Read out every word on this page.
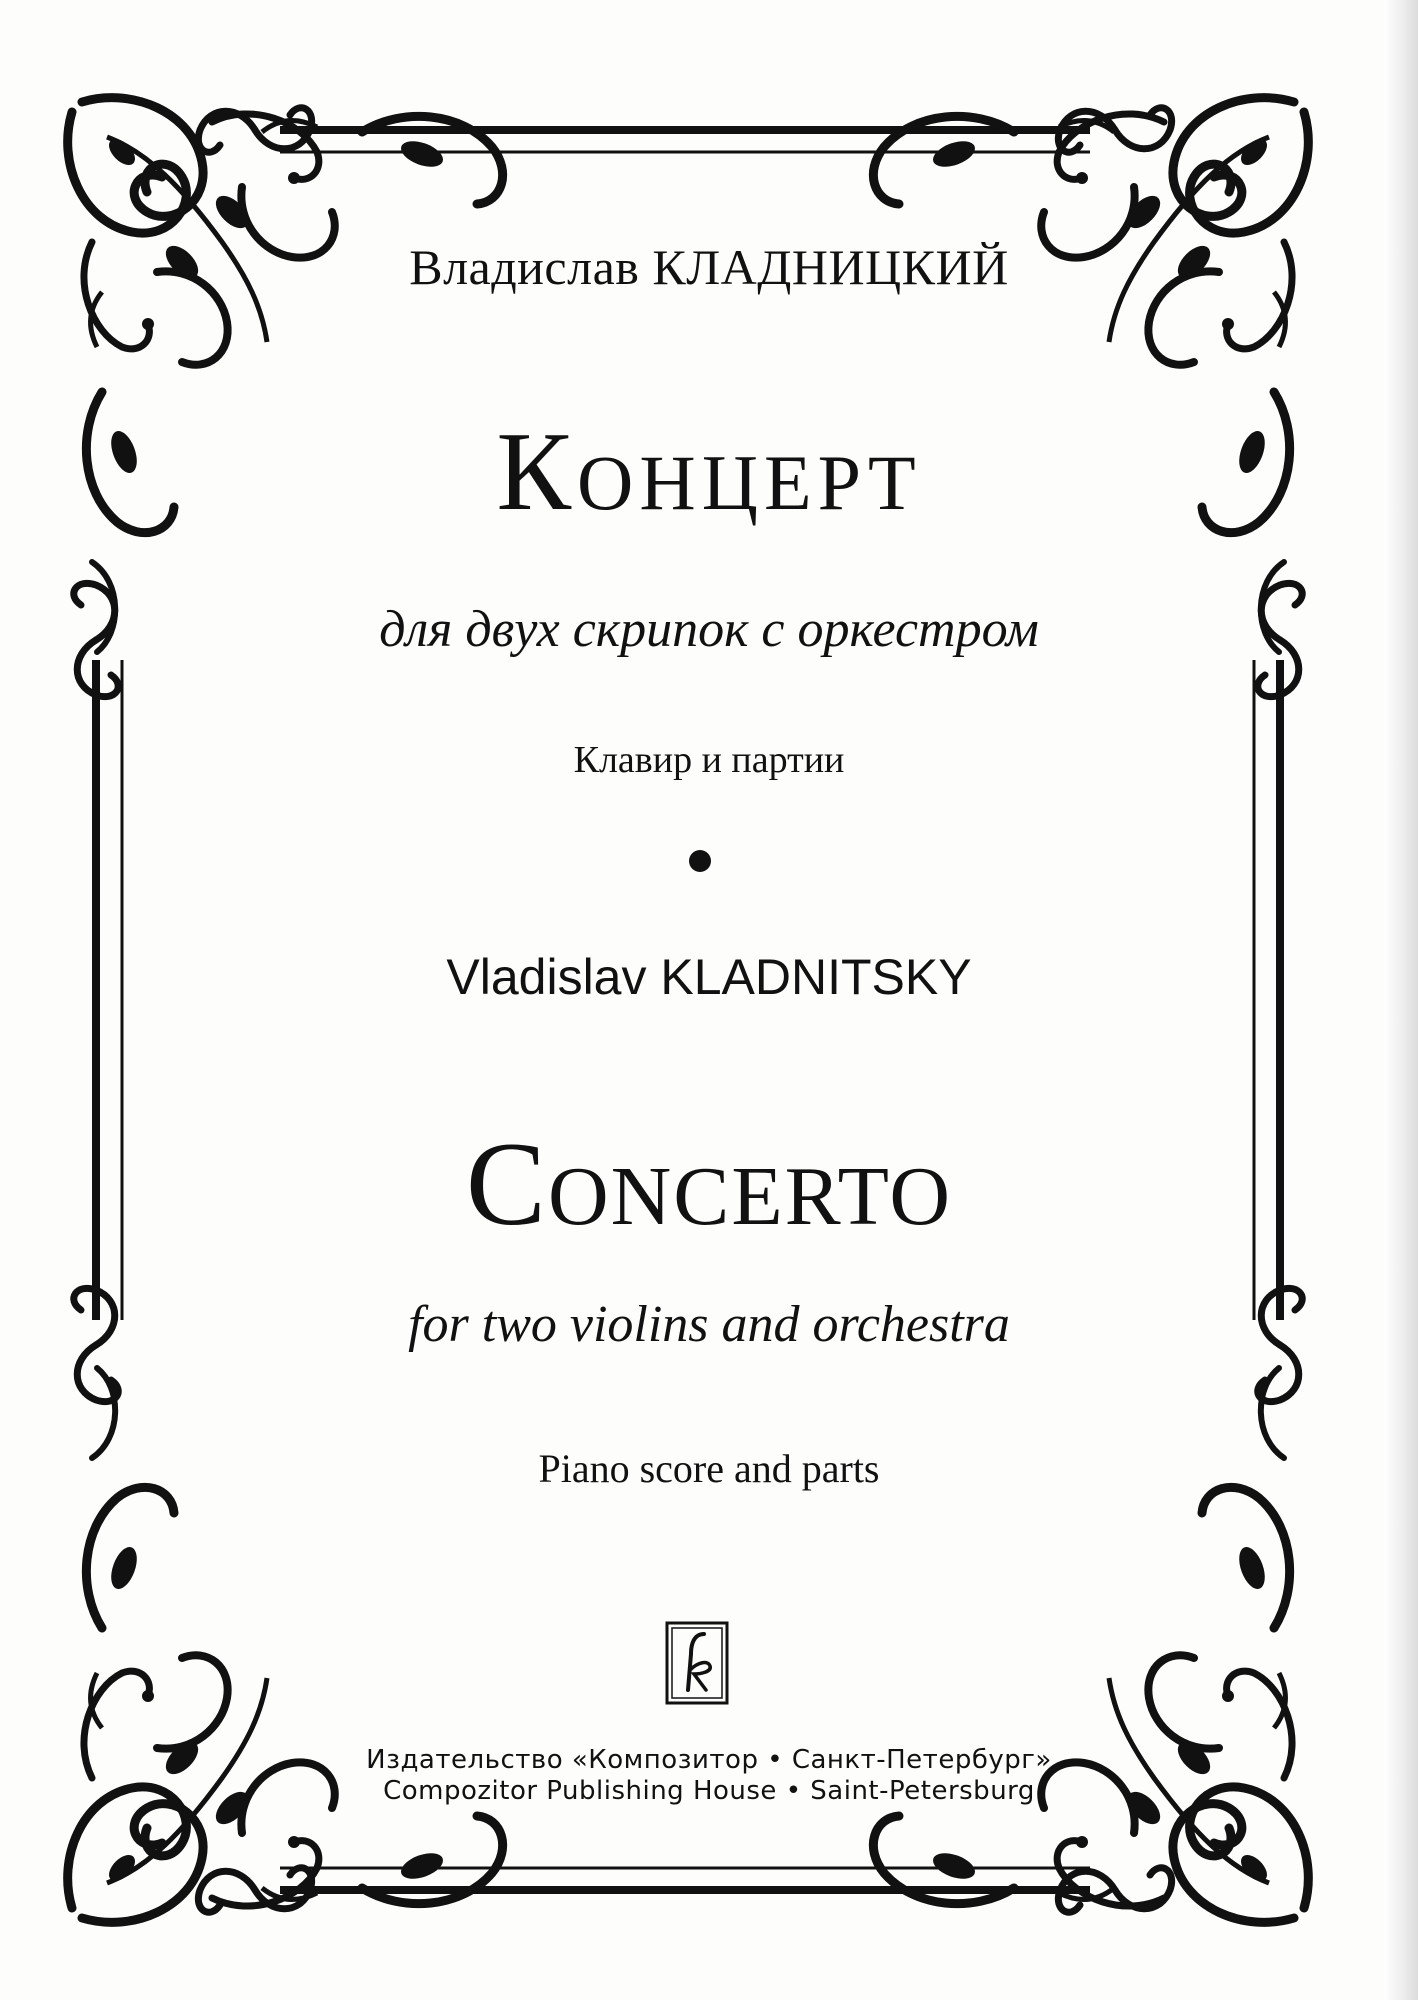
Владислав КЛАДНИЦКИЙ
Концерт
для двух скрипок с оркестром
Клавир и партии
Vladislav KLADNITSKY
Concerto
for two violins and orchestra
Piano score and parts
Издательство «Композитор • Санкт-Петербург»
Compozitor Publishing House • Saint-Petersburg
